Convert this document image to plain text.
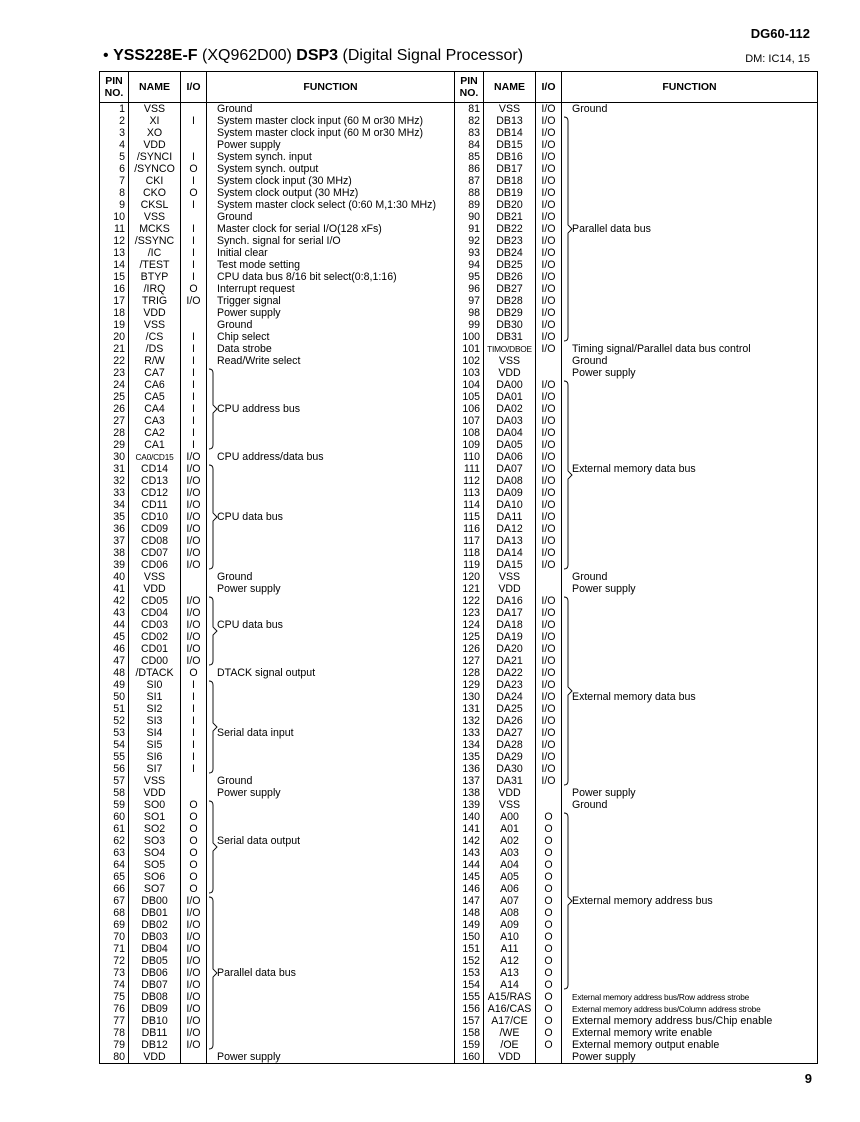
DG60-112
• YSS228E-F (XQ962D00) DSP3 (Digital Signal Processor)	DM: IC14, 15
PIN NO.	NAME	I/O	FUNCTION	PIN NO.	NAME	I/O	FUNCTION
1	VSS		Ground	81	VSS	I/O	Ground
2	XI	I	System master clock input (60 M or30 MHz)	82	DB13	I/O	

3	XO		System master clock input (60 M or30 MHz)	83	DB14	I/O	
4	VDD		Power supply	84	DB15	I/O	
5	/SYNCI	I	System synch. input	85	DB16	I/O	
6	/SYNCO	O	System synch. output	86	DB17	I/O	
7	CKI	I	System clock input (30 MHz)	87	DB18	I/O	
8	CKO	O	System clock output (30 MHz)	88	DB19	I/O	
9	CKSL	I	System master clock select (0:60 M,1:30 MHz)	89	DB20	I/O	
10	VSS		Ground	90	DB21	I/O	
11	MCKS	I	Master clock for serial I/O(128 xFs)	91	DB22	I/O	Parallel data bus
12	/SSYNC	I	Synch. signal for serial I/O	92	DB23	I/O	
13	/IC	I	Initial clear	93	DB24	I/O	
14	/TEST	I	Test mode setting	94	DB25	I/O	
15	BTYP	I	CPU data bus 8/16 bit select(0:8,1:16)	95	DB26	I/O	
16	/IRQ	O	Interrupt request	96	DB27	I/O	
17	TRIG	I/O	Trigger signal	97	DB28	I/O	
18	VDD		Power supply	98	DB29	I/O	
19	VSS		Ground	99	DB30	I/O	
20	/CS	I	Chip select	100	DB31	I/O	
21	/DS	I	Data strobe	101	TIMO/DBOE	I/O	Timing signal/Parallel data bus control
22	R/W	I	Read/Write select	102	VSS		Ground
23	CA7	I		103	VDD		Power supply
24	CA6	I		104	DA00	I/O	

25	CA5	I		105	DA01	I/O	
26	CA4	I	CPU address bus	106	DA02	I/O	
27	CA3	I		107	DA03	I/O	
28	CA2	I		108	DA04	I/O	
29	CA1	I		109	DA05	I/O	
30	CA0/CD15	I/O	CPU address/data bus	110	DA06	I/O	
31	CD14	I/O		111	DA07	I/O	External memory data bus
32	CD13	I/O		112	DA08	I/O	
33	CD12	I/O		113	DA09	I/O	
34	CD11	I/O		114	DA10	I/O	
35	CD10	I/O	CPU data bus	115	DA11	I/O	
36	CD09	I/O		116	DA12	I/O	
37	CD08	I/O		117	DA13	I/O	
38	CD07	I/O		118	DA14	I/O	
39	CD06	I/O		119	DA15	I/O	
40	VSS		Ground	120	VSS		Ground
41	VDD		Power supply	121	VDD		Power supply
42	CD05	I/O		122	DA16	I/O	

43	CD04	I/O		123	DA17	I/O	
44	CD03	I/O	CPU data bus	124	DA18	I/O	
45	CD02	I/O		125	DA19	I/O	
46	CD01	I/O		126	DA20	I/O	
47	CD00	I/O		127	DA21	I/O	
48	/DTACK	O	DTACK signal output	128	DA22	I/O	
49	SI0	I		129	DA23	I/O	
50	SI1	I		130	DA24	I/O	External memory data bus
51	SI2	I		131	DA25	I/O	
52	SI3	I		132	DA26	I/O	
53	SI4	I	Serial data input	133	DA27	I/O	
54	SI5	I		134	DA28	I/O	
55	SI6	I		135	DA29	I/O	
56	SI7	I		136	DA30	I/O	
57	VSS		Ground	137	DA31	I/O	
58	VDD		Power supply	138	VDD		Power supply
59	SO0	O		139	VSS		Ground
60	SO1	O		140	A00	O	

61	SO2	O		141	A01	O	
62	SO3	O	Serial data output	142	A02	O	
63	SO4	O		143	A03	O	
64	SO5	O		144	A04	O	
65	SO6	O		145	A05	O	
66	SO7	O		146	A06	O	
67	DB00	I/O		147	A07	O	External memory address bus
68	DB01	I/O		148	A08	O	
69	DB02	I/O		149	A09	O	
70	DB03	I/O		150	A10	O	
71	DB04	I/O		151	A11	O	
72	DB05	I/O		152	A12	O	
73	DB06	I/O	Parallel data bus	153	A13	O	
74	DB07	I/O		154	A14	O	
75	DB08	I/O		155	A15/RAS	O	External memory address bus/Row address strobe
76	DB09	I/O		156	A16/CAS	O	External memory address bus/Column address strobe
77	DB10	I/O		157	A17/CE	O	External memory address bus/Chip enable
78	DB11	I/O		158	/WE	O	External memory write enable
79	DB12	I/O		159	/OE	O	External memory output enable
80	VDD		Power supply	160	VDD		Power supply
9
